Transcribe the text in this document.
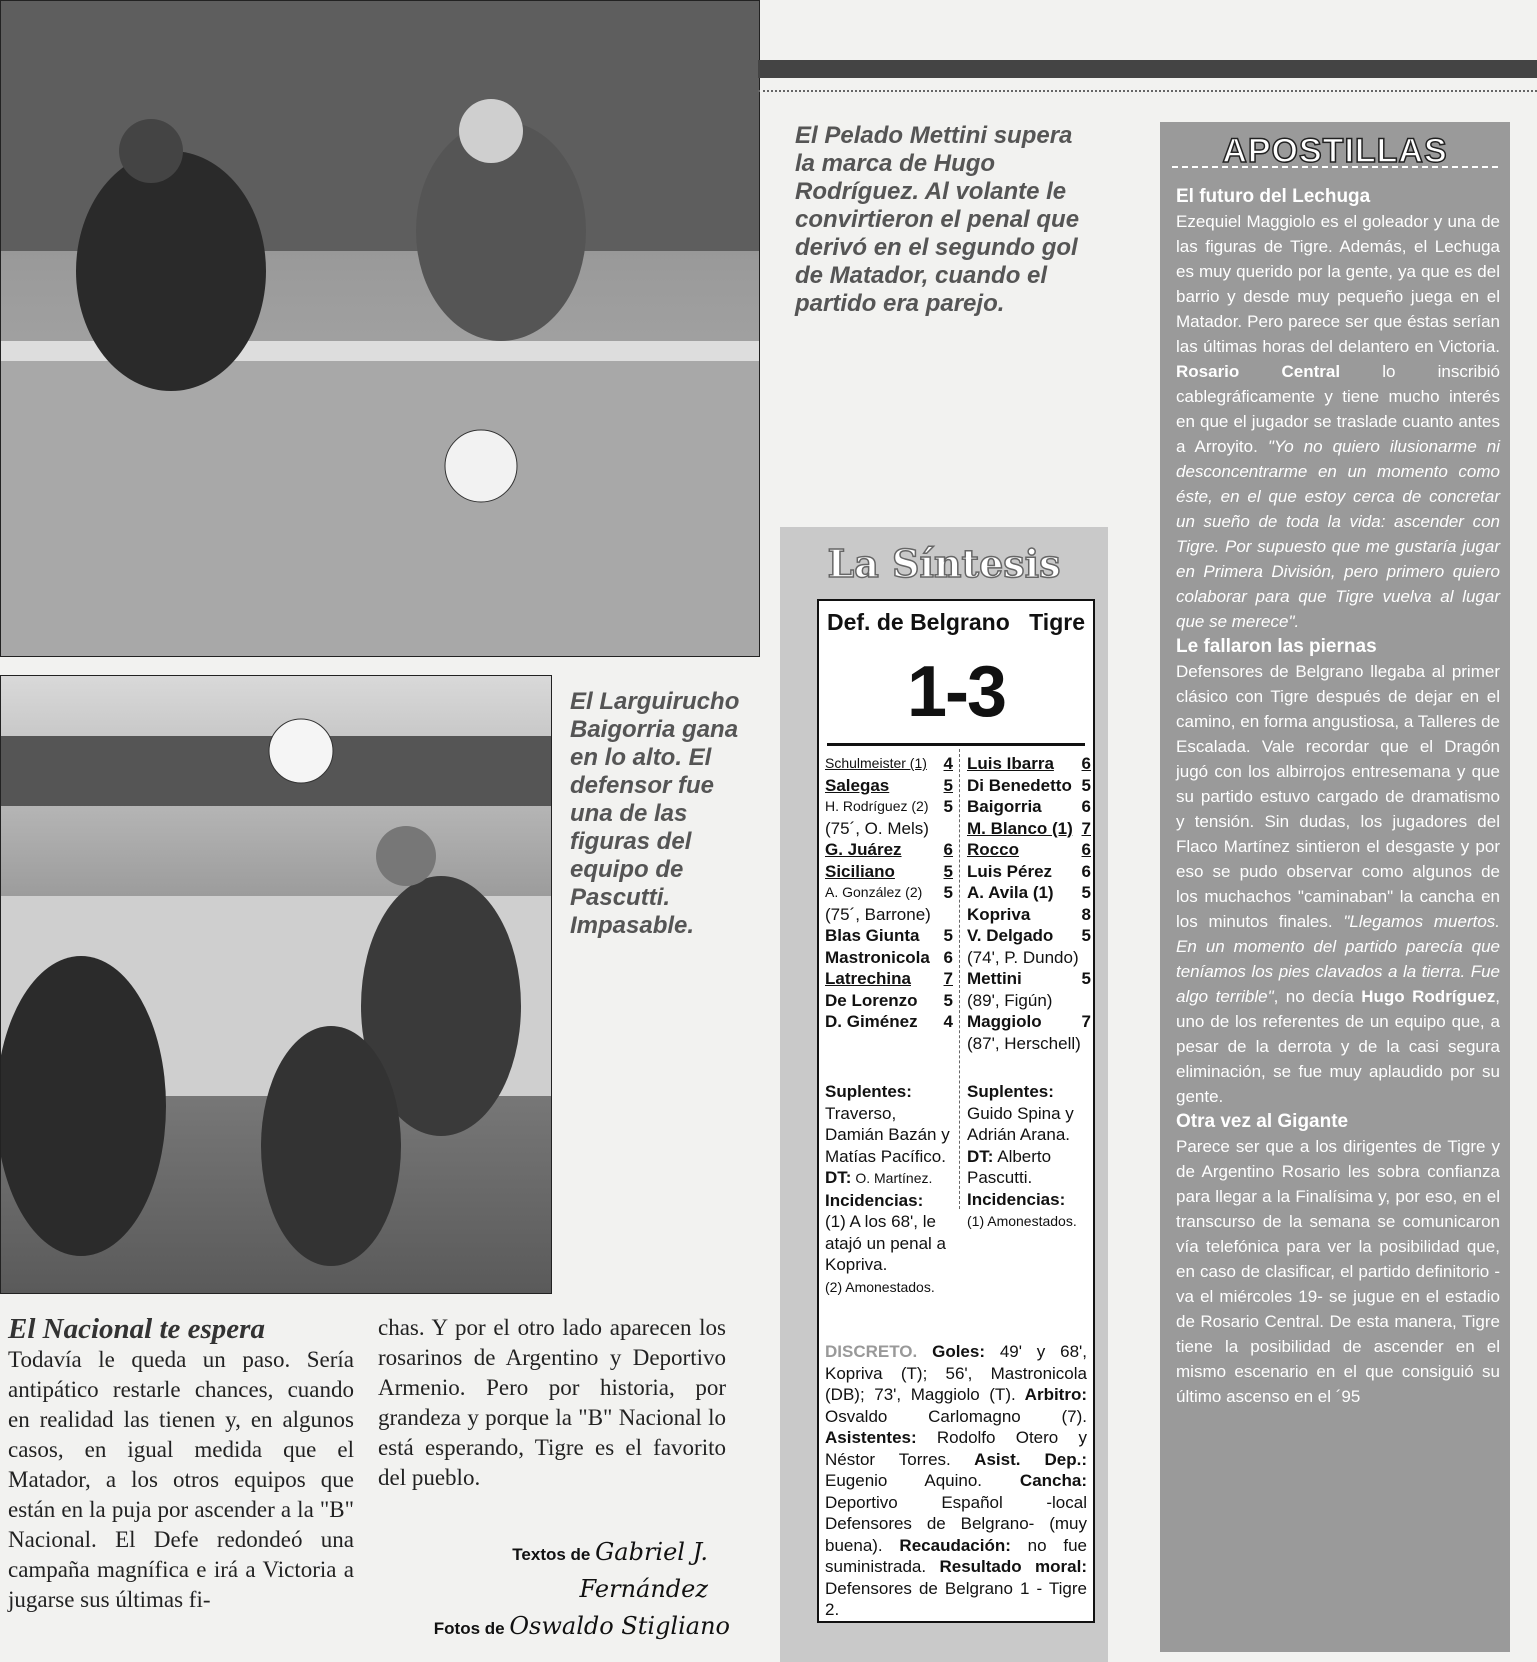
El Pelado Mettini supera la marca de Hugo Rodríguez. Al volante le convirtieron el penal que derivó en el segundo gol de Matador, cuando el partido era parejo.
El Larguirucho Baigorria gana en lo alto. El defensor fue una de las figuras del equipo de Pascutti. Impasable.
APOSTILLAS
El futuro del Lechuga

Ezequiel Maggiolo es el goleador y una de las figuras de Tigre. Además, el Lechuga es muy querido por la gente, ya que es del barrio y desde muy pequeño juega en el Matador. Pero parece ser que éstas serían las últimas horas del delantero en Victoria. Rosario Central lo inscribió cablegráficamente y tiene mucho interés en que el jugador se traslade cuanto antes a Arroyito. "Yo no quiero ilusionarme ni desconcentrarme en un momento como éste, en el que estoy cerca de concretar un sueño de toda la vida: ascender con Tigre. Por supuesto que me gustaría jugar en Primera División, pero primero quiero colaborar para que Tigre vuelva al lugar que se merece".

Le fallaron las piernas

Defensores de Belgrano llegaba al primer clásico con Tigre después de dejar en el camino, en forma angustiosa, a Talleres de Escalada. Vale recordar que el Dragón jugó con los albirrojos entresemana y que su partido estuvo cargado de dramatismo y tensión. Sin dudas, los jugadores del Flaco Martínez sintieron el desgaste y por eso se pudo observar como algunos de los muchachos "caminaban" la cancha en los minutos finales. "Llegamos muertos. En un momento del partido parecía que teníamos los pies clavados a la tierra. Fue algo terrible", no decía Hugo Rodríguez, uno de los referentes de un equipo que, a pesar de la derrota y de la casi segura eliminación, se fue muy aplaudido por su gente.

Otra vez al Gigante

Parece ser que a los dirigentes de Tigre y de Argentino Rosario les sobra confianza para llegar a la Finalísima y, por eso, en el transcurso de la semana se comunicaron vía telefónica para ver la posibilidad que, en caso de clasificar, el partido definitorio -va el miércoles 19- se jugue en el estadio de Rosario Central. De esta manera, Tigre tiene la posibilidad de ascender en el mismo escenario en el que consiguió su último ascenso en el ´95

La Síntesis
Def. de Belgrano Tigre
1-3
Schulmeister (1) 4
Salegas	5
H. Rodríguez (2) 5
(75´, O. Mels)
G. Juárez 6
Siciliano	5
A. González (2) 5
(75´, Barrone)
Blas Giunta 5
Mastronicola 6
Latrechina 7
De Lorenzo 5
D. Giménez 4
Luis Ibarra 6
Di Benedetto 5
Baigorria 6
M. Blanco (1) 7
Rocco	6
Luis Pérez 6
A. Avila (1) 5
Kopriva	8
V. Delgado 5
(74', P. Dundo)
Mettini	5
(89', Figún)
Maggiolo 7
(87', Herschell)
Suplentes:
Traverso, Damián Bazán y Matías Pacífico.
DT: O. Martínez.
Incidencias:
(1) A los 68', le atajó un penal a Kopriva.
(2) Amonestados.
Suplentes:
Guido Spina y Adrián Arana.
DT: Alberto Pascutti.
Incidencias:
(1) Amonestados.
DISCRETO. Goles: 49' y 68', Kopriva (T); 56', Mastronicola (DB); 73', Maggiolo (T). Arbitro: Osvaldo Carlomagno (7). Asistentes: Rodolfo Otero y Néstor Torres. Asist. Dep.: Eugenio Aquino. Cancha: Deportivo Español -local Defensores de Belgrano- (muy buena). Recaudación: no fue suministrada. Resultado moral: Defensores de Belgrano 1 - Tigre 2.
El Nacional te espera
Todavía le queda un paso. Sería antipático restarle chances, cuando en realidad las tienen y, en algunos casos, en igual medida que el Matador, a los otros equipos que están en la puja por ascender a la "B" Nacional. El Defe redondeó una campaña magnífica e irá a Victoria a jugarse sus últimas fi-
chas. Y por el otro lado aparecen los rosarinos de Argentino y Deportivo Armenio. Pero por historia, por grandeza y porque la "B" Nacional lo está esperando, Tigre es el favorito del pueblo.
Textos de Gabriel J. Fernández
Fotos de Oswaldo Stigliano
